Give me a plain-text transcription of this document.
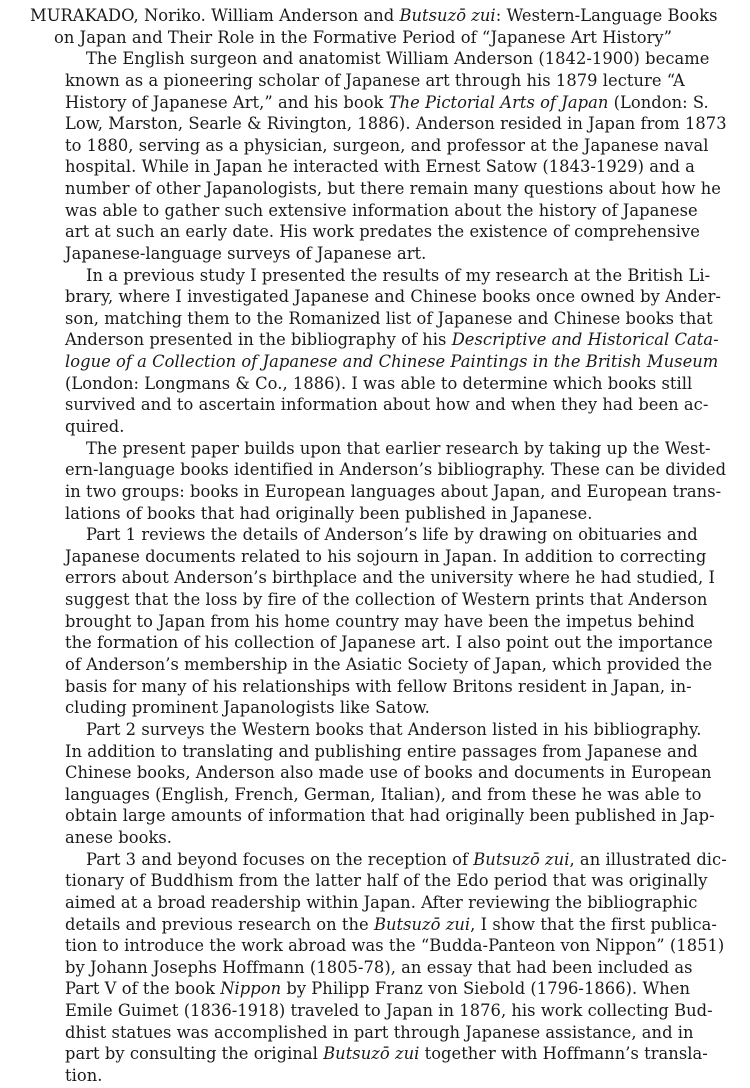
MURAKADO, Noriko. William Anderson and Butsuzō zui: Western-Language Books
on Japan and Their Role in the Formative Period of “Japanese Art History”
The English surgeon and anatomist William Anderson (1842-1900) became
known as a pioneering scholar of Japanese art through his 1879 lecture “A
History of Japanese Art,” and his book The Pictorial Arts of Japan (London: S.
Low, Marston, Searle & Rivington, 1886). Anderson resided in Japan from 1873
to 1880, serving as a physician, surgeon, and professor at the Japanese naval
hospital. While in Japan he interacted with Ernest Satow (1843-1929) and a
number of other Japanologists, but there remain many questions about how he
was able to gather such extensive information about the history of Japanese
art at such an early date. His work predates the existence of comprehensive
Japanese-language surveys of Japanese art.
In a previous study I presented the results of my research at the British Li-
brary, where I investigated Japanese and Chinese books once owned by Ander-
son, matching them to the Romanized list of Japanese and Chinese books that
Anderson presented in the bibliography of his Descriptive and Historical Cata-
logue of a Collection of Japanese and Chinese Paintings in the British Museum
(London: Longmans & Co., 1886). I was able to determine which books still
survived and to ascertain information about how and when they had been ac-
quired.
The present paper builds upon that earlier research by taking up the West-
ern-language books identified in Anderson’s bibliography. These can be divided
in two groups: books in European languages about Japan, and European trans-
lations of books that had originally been published in Japanese.
Part 1 reviews the details of Anderson’s life by drawing on obituaries and
Japanese documents related to his sojourn in Japan. In addition to correcting
errors about Anderson’s birthplace and the university where he had studied, I
suggest that the loss by fire of the collection of Western prints that Anderson
brought to Japan from his home country may have been the impetus behind
the formation of his collection of Japanese art. I also point out the importance
of Anderson’s membership in the Asiatic Society of Japan, which provided the
basis for many of his relationships with fellow Britons resident in Japan, in-
cluding prominent Japanologists like Satow.
Part 2 surveys the Western books that Anderson listed in his bibliography.
In addition to translating and publishing entire passages from Japanese and
Chinese books, Anderson also made use of books and documents in European
languages (English, French, German, Italian), and from these he was able to
obtain large amounts of information that had originally been published in Jap-
anese books.
Part 3 and beyond focuses on the reception of Butsuzō zui, an illustrated dic-
tionary of Buddhism from the latter half of the Edo period that was originally
aimed at a broad readership within Japan. After reviewing the bibliographic
details and previous research on the Butsuzō zui, I show that the first publica-
tion to introduce the work abroad was the “Budda-Panteon von Nippon” (1851)
by Johann Josephs Hoffmann (1805-78), an essay that had been included as
Part V of the book Nippon by Philipp Franz von Siebold (1796-1866). When
Emile Guimet (1836-1918) traveled to Japan in 1876, his work collecting Bud-
dhist statues was accomplished in part through Japanese assistance, and in
part by consulting the original Butsuzō zui together with Hoffmann’s transla-
tion.
